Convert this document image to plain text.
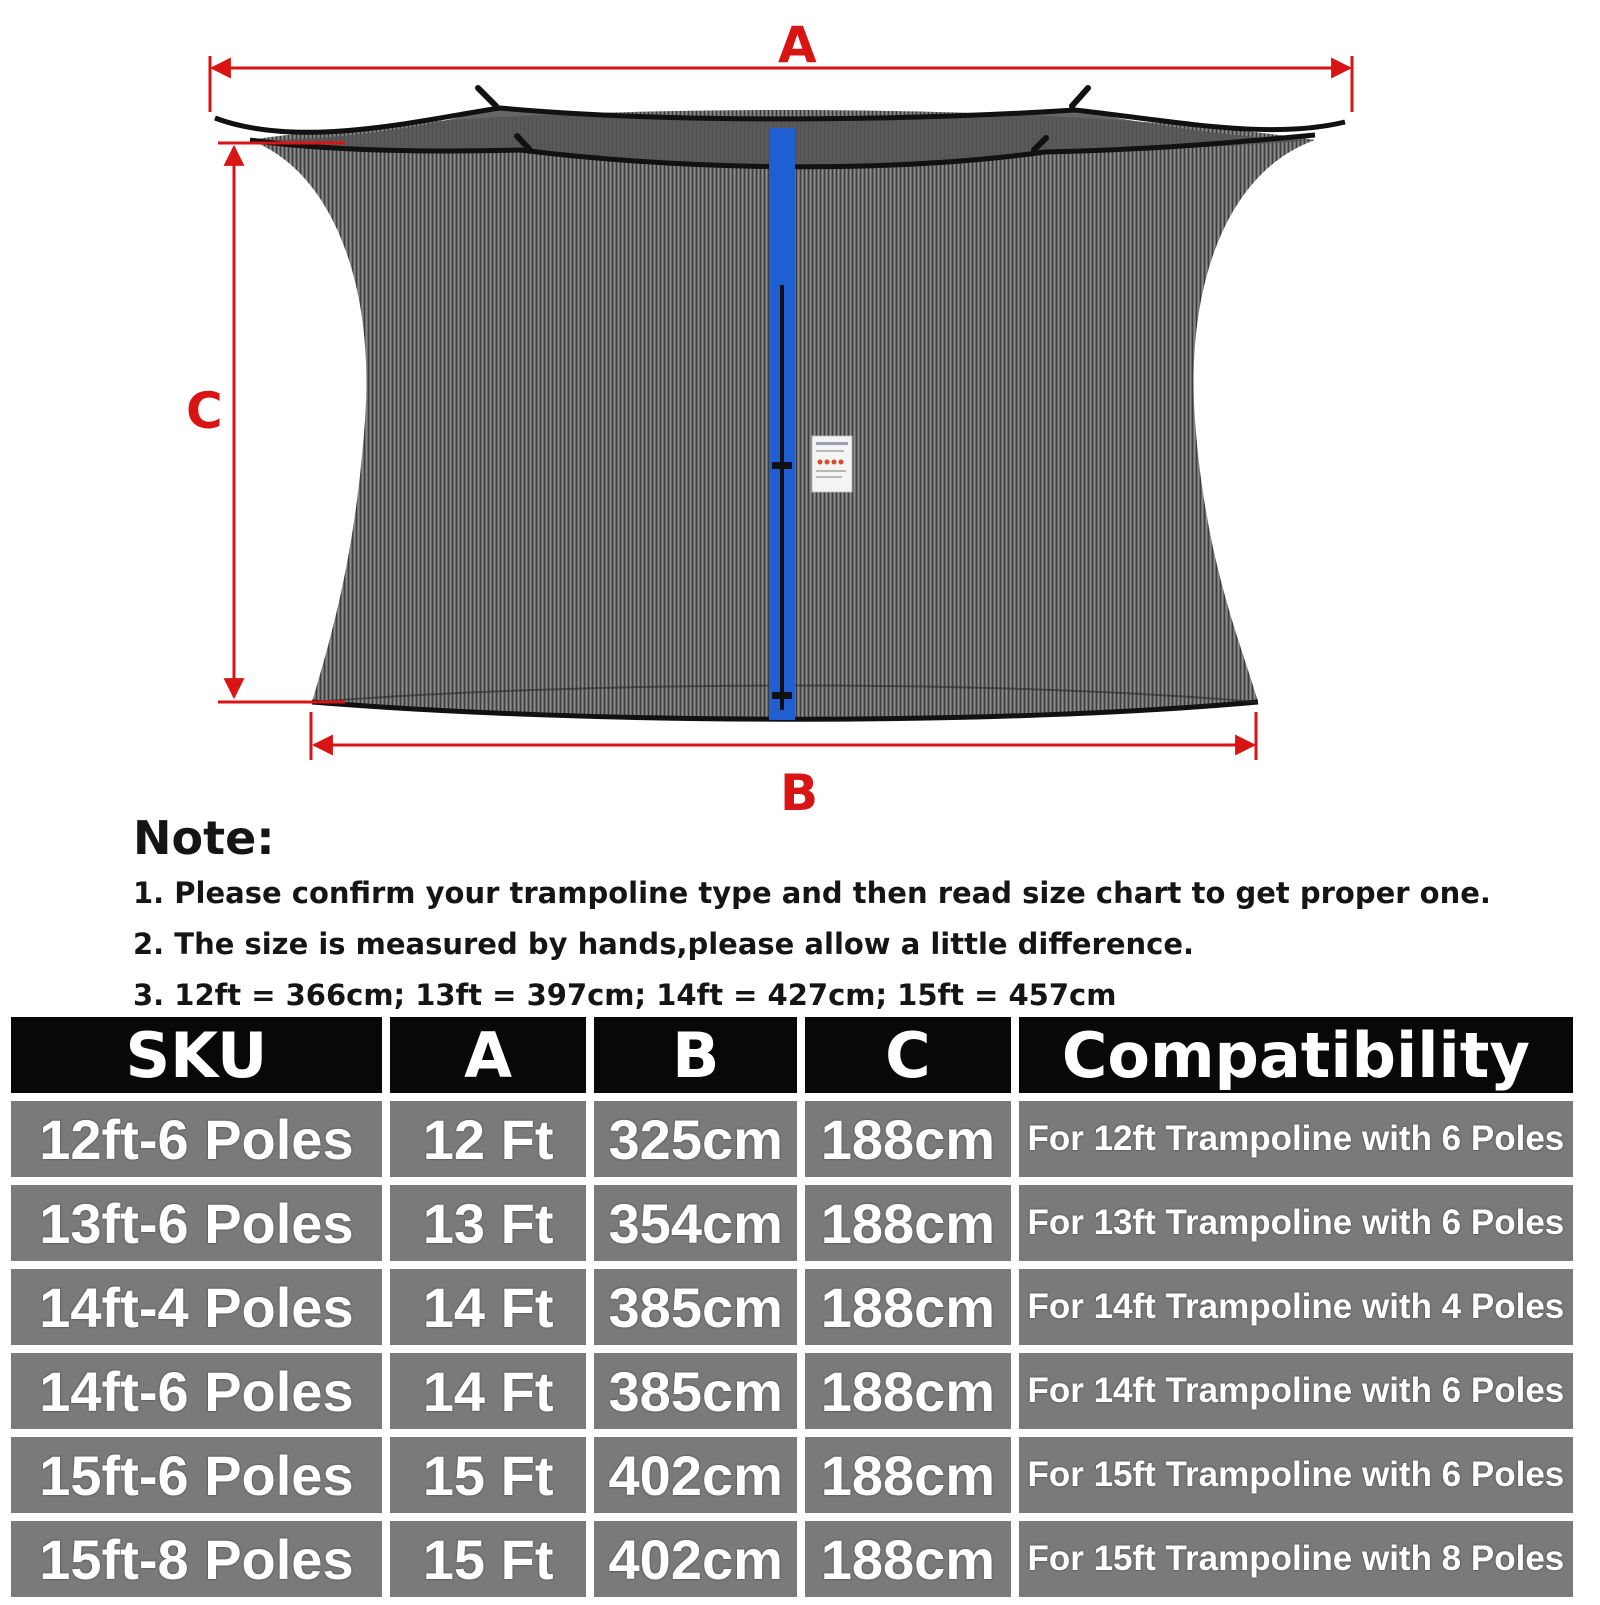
A
B
C
Note:
1. Please confirm your trampoline type and then read size chart to get proper one.
2. The size is measured by hands,please allow a little difference.
3. 12ft = 366cm; 13ft = 397cm; 14ft = 427cm; 15ft = 457cm
SKU	A	B	C	Compatibility
12ft-6 Poles	12 Ft	325cm	188cm	For 12ft Trampoline with 6 Poles
13ft-6 Poles	13 Ft	354cm	188cm	For 13ft Trampoline with 6 Poles
14ft-4 Poles	14 Ft	385cm	188cm	For 14ft Trampoline with 4 Poles
14ft-6 Poles	14 Ft	385cm	188cm	For 14ft Trampoline with 6 Poles
15ft-6 Poles	15 Ft	402cm	188cm	For 15ft Trampoline with 6 Poles
15ft-8 Poles	15 Ft	402cm	188cm	For 15ft Trampoline with 8 Poles
